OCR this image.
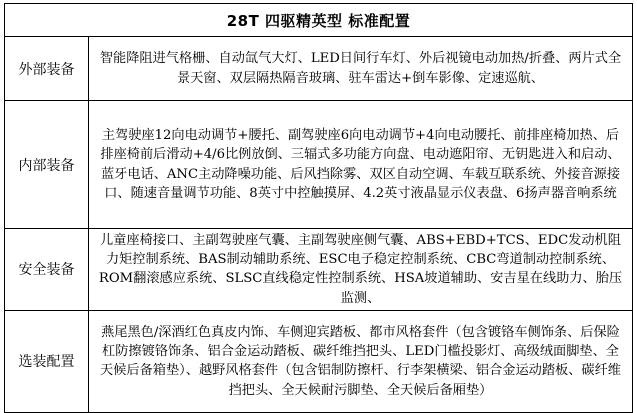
28T 四驱精英型 标准配置	
外部装备	智能降阻进气格栅、自动氙气大灯、LED日间行车灯、外后视镜电动加热/折叠、两片式全景天窗、双层隔热隔音玻璃、驻车雷达+倒车影像、定速巡航、
内部装备	主驾驶座12向电动调节+腰托、副驾驶座6向电动调节+4向电动腰托、前排座椅加热、后排座椅前后滑动+4/6比例放倒、三辐式多功能方向盘、电动遮阳帘、无钥匙进入和启动、蓝牙电话、ANC主动降噪功能、后风挡除雾、双区自动空调、车载互联系统、外接音源接口、随速音量调节功能、8英寸中控触摸屏、4.2英寸液晶显示仪表盘、6扬声器音响系统
安全装备	儿童座椅接口、主副驾驶座气囊、主副驾驶座侧气囊、ABS+EBD+TCS、EDC发动机阻力矩控制系统、BAS制动辅助系统、ESC电子稳定控制系统、CBC弯道制动控制系统、ROM翻滚感应系统、SLSC直线稳定性控制系统、HSA坡道辅助、安吉星在线助力、胎压监测、
选装配置	燕尾黑色/深酒红色真皮内饰、车侧迎宾踏板、都市风格套件（包含镀铬车侧饰条、后保险杠防擦镀铬饰条、铝合金运动踏板、碳纤维挡把头、LED门槛投影灯、高级绒面脚垫、全天候后备箱垫）、越野风格套件（包含铝制防擦杆、行李架横梁、铝合金运动踏板、碳纤维挡把头、全天候耐污脚垫、全天候后备厢垫）
